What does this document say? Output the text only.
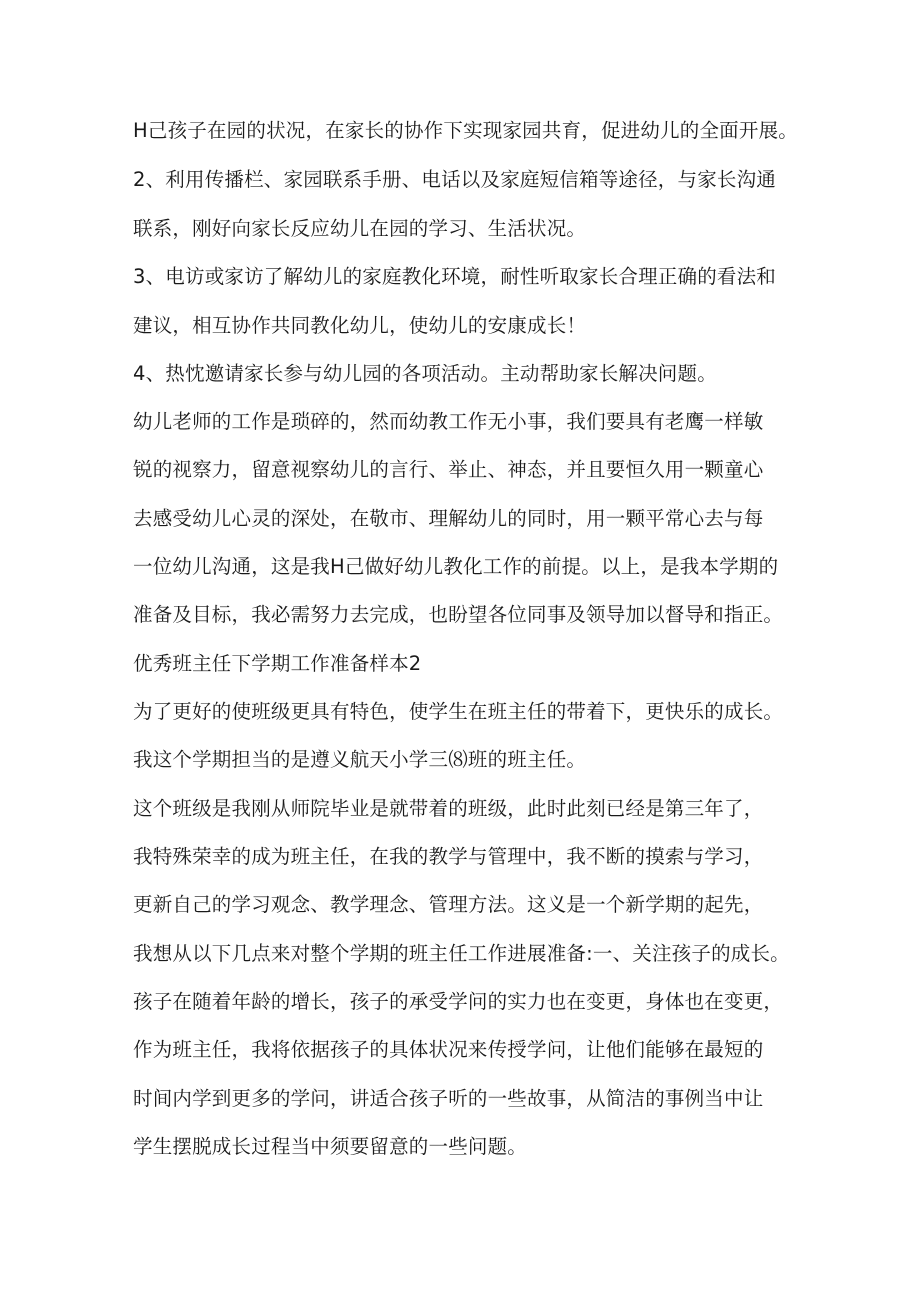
H己孩子在园的状况，在家长的协作下实现家园共育，促进幼儿的全面开展。
2、利用传播栏、家园联系手册、电话以及家庭短信箱等途径，与家长沟通
联系，刚好向家长反应幼儿在园的学习、生活状况。
3、电访或家访了解幼儿的家庭教化环境，耐性听取家长合理正确的看法和
建议，相互协作共同教化幼儿，使幼儿的安康成长！
4、热忱邀请家长参与幼儿园的各项活动。主动帮助家长解决问题。
幼儿老师的工作是琐碎的，然而幼教工作无小事，我们要具有老鹰一样敏
锐的视察力，留意视察幼儿的言行、举止、神态，并且要恒久用一颗童心
去感受幼儿心灵的深处，在敬市、理解幼儿的同时，用一颗平常心去与每
一位幼儿沟通，这是我H己做好幼儿教化工作的前提。以上，是我本学期的
准备及目标，我必需努力去完成，也盼望各位同事及领导加以督导和指正。
优秀班主任下学期工作准备样本2
为了更好的使班级更具有特色，使学生在班主任的带着下，更快乐的成长。
我这个学期担当的是遵义航天小学三⑻班的班主任。
这个班级是我刚从师院毕业是就带着的班级，此时此刻已经是第三年了，
我特殊荣幸的成为班主任，在我的教学与管理中，我不断的摸索与学习，
更新自己的学习观念、教学理念、管理方法。这义是一个新学期的起先，
我想从以下几点来对整个学期的班主任工作进展准备:一、关注孩子的成长。
孩子在随着年龄的增长，孩子的承受学问的实力也在变更，身体也在变更，
作为班主任，我将依据孩子的具体状况来传授学问，让他们能够在最短的
时间内学到更多的学问，讲适合孩子听的一些故事，从简洁的事例当中让
学生摆脱成长过程当中须要留意的一些问题。
